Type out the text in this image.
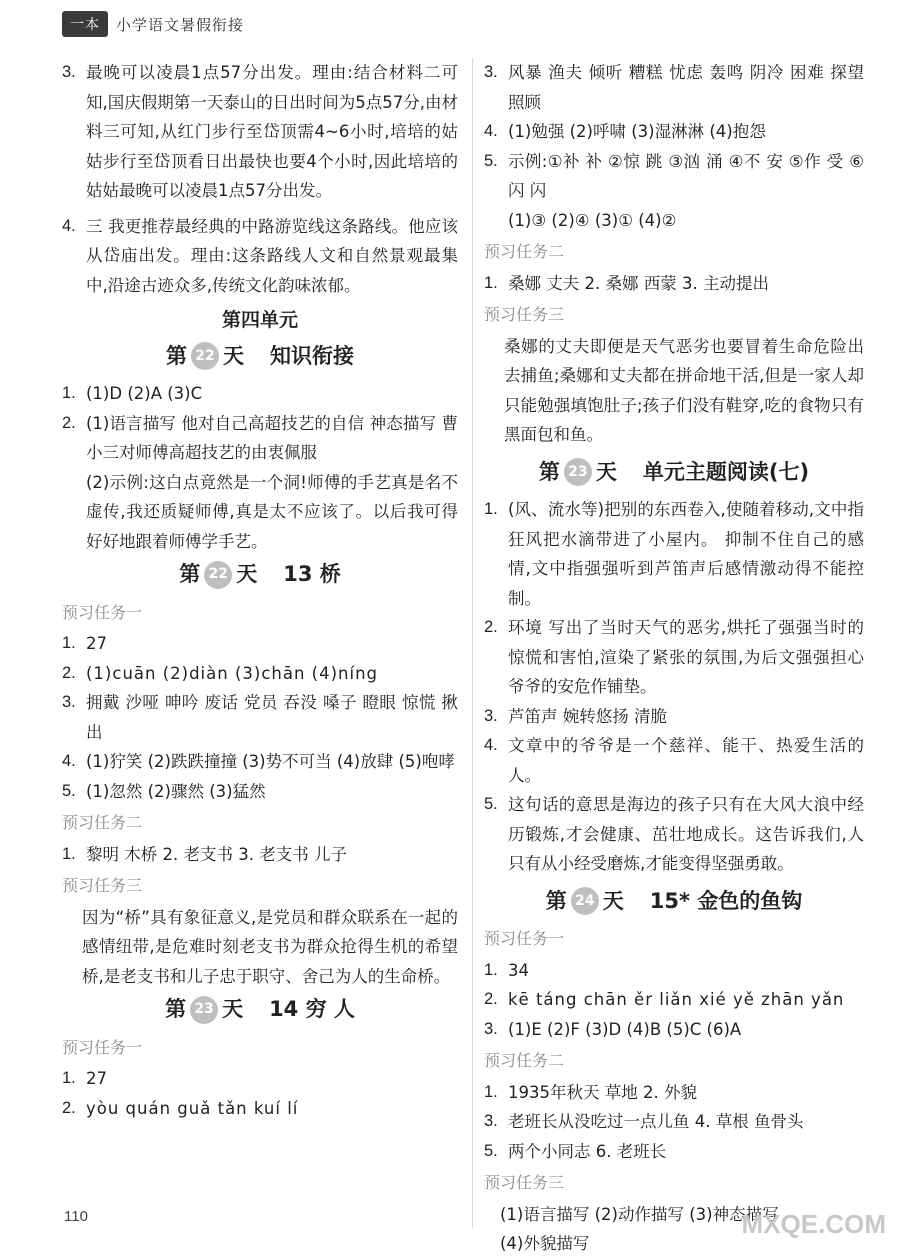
一本	小学语文暑假衔接
3. 最晚可以凌晨1点57分出发。理由:结合材料二可知,国庆假期第一天泰山的日出时间为5点57分,由材料三可知,从红门步行至岱顶需4~6小时,培培的姑姑步行至岱顶看日出最快也要4个小时,因此培培的姑姑最晚可以凌晨1点57分出发。
4. 三 我更推荐最经典的中路游览线这条路线。他应该从岱庙出发。理由:这条路线人文和自然景观最集中,沿途古迹众多,传统文化韵味浓郁。
第四单元
第 22 天 知识衔接
1. (1)D (2)A (3)C
2. (1)语言描写 他对自己高超技艺的自信 神态描写 曹小三对师傅高超技艺的由衷佩服

(2)示例:这白点竟然是一个洞!师傅的手艺真是名不虚传,我还质疑师傅,真是太不应该了。以后我可得好好地跟着师傅学手艺。

第 22 天 13 桥
预习任务一
1. 27
2. (1)cuān (2)diàn (3)chān (4)níng
3. 拥戴 沙哑 呻吟 废话 党员 吞没 嗓子 瞪眼 惊慌 揪出
4. (1)狞笑 (2)跌跌撞撞 (3)势不可当 (4)放肆 (5)咆哮
5. (1)忽然 (2)骤然 (3)猛然
预习任务二
1. 黎明 木桥 2. 老支书 3. 老支书 儿子
预习任务三

因为“桥”具有象征意义,是党员和群众联系在一起的感情纽带,是危难时刻老支书为群众抢得生机的希望桥,是老支书和儿子忠于职守、舍己为人的生命桥。

第 23 天 14 穷 人
预习任务一
1. 27
2. yòu quán guǎ tǎn kuí lí
3. 风暴 渔夫 倾听 糟糕 忧虑 轰鸣 阴冷 困难 探望 照顾
4. (1)勉强 (2)呼啸 (3)湿淋淋 (4)抱怨
5. 示例:①补 补 ②惊 跳 ③汹 涌 ④不 安 ⑤作 受 ⑥闪 闪

(1)③ (2)④ (3)① (4)②

预习任务二
1. 桑娜 丈夫 2. 桑娜 西蒙 3. 主动提出
预习任务三

桑娜的丈夫即便是天气恶劣也要冒着生命危险出去捕鱼;桑娜和丈夫都在拼命地干活,但是一家人却只能勉强填饱肚子;孩子们没有鞋穿,吃的食物只有黑面包和鱼。

第 23 天 单元主题阅读(七)
1. (风、流水等)把别的东西卷入,使随着移动,文中指狂风把水滴带进了小屋内。 抑制不住自己的感情,文中指强强听到芦笛声后感情激动得不能控制。
2. 环境 写出了当时天气的恶劣,烘托了强强当时的惊慌和害怕,渲染了紧张的氛围,为后文强强担心爷爷的安危作铺垫。
3. 芦笛声 婉转悠扬 清脆
4. 文章中的爷爷是一个慈祥、能干、热爱生活的人。
5. 这句话的意思是海边的孩子只有在大风大浪中经历锻炼,才会健康、茁壮地成长。这告诉我们,人只有从小经受磨炼,才能变得坚强勇敢。
第 24 天 15* 金色的鱼钩
预习任务一
1. 34
2. kē táng chān ěr liǎn xié yě zhān yǎn
3. (1)E (2)F (3)D (4)B (5)C (6)A
预习任务二
1. 1935年秋天 草地 2. 外貌
3. 老班长从没吃过一点儿鱼 4. 草根 鱼骨头
5. 两个小同志 6. 老班长
预习任务三

(1)语言描写 (2)动作描写 (3)神态描写

(4)外貌描写

110	MXQE.COM
